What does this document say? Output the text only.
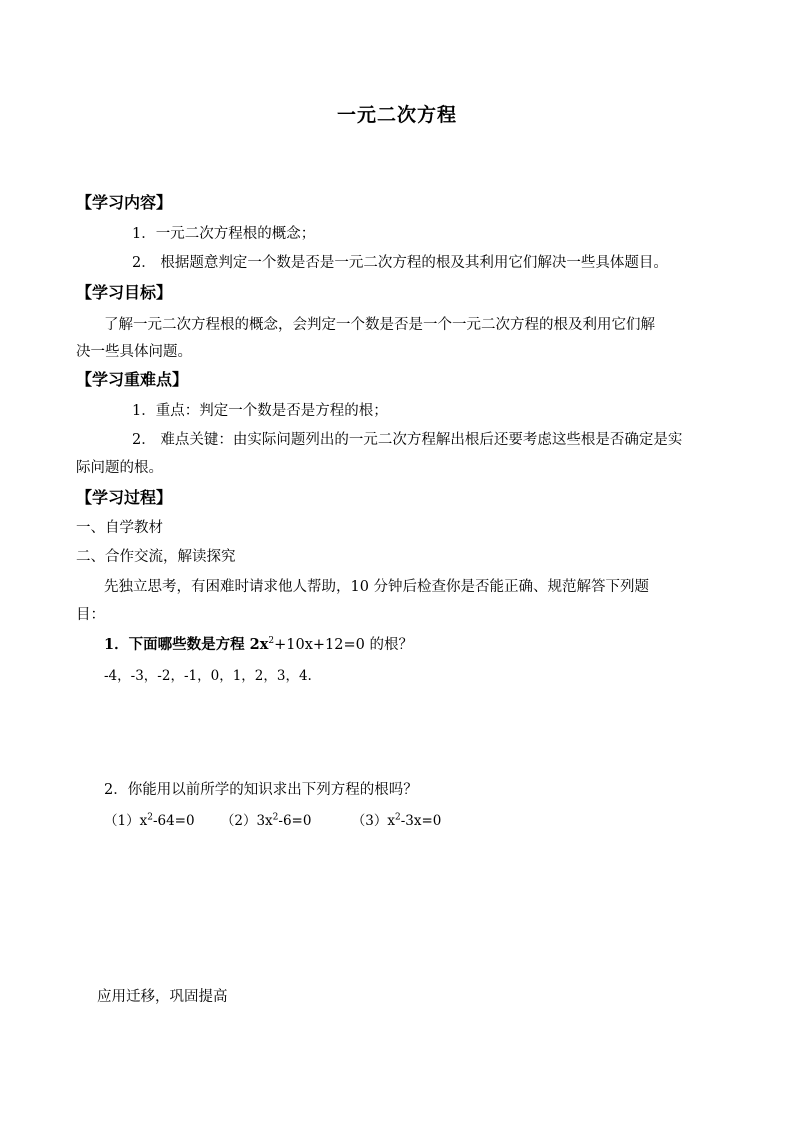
一元二次方程
【学习内容】
1．一元二次方程根的概念；
2． 根据题意判定一个数是否是一元二次方程的根及其利用它们解决一些具体题目。
【学习目标】
了解一元二次方程根的概念，会判定一个数是否是一个一元二次方程的根及利用它们解
决一些具体问题。
【学习重难点】
1．重点：判定一个数是否是方程的根；
2． 难点关键：由实际问题列出的一元二次方程解出根后还要考虑这些根是否确定是实
际问题的根。
【学习过程】
一、自学教材
二、合作交流，解读探究
先独立思考，有困难时请求他人帮助，10 分钟后检查你是否能正确、规范解答下列题
目：
1．下面哪些数是方程 $2x^2+10x+12=0$ 的根？
-4，-3，-2，-1，0，1，2，3，4.
2．你能用以前所学的知识求出下列方程的根吗？
$(1)x^2-64=0$ $(2)3x^2-6=0$	$(3)x^2-3x=0$
应用迁移，巩固提高
